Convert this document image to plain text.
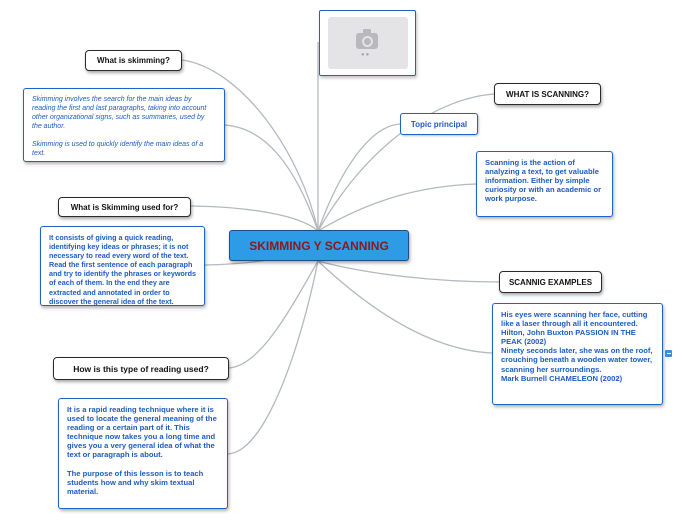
●●
What is skimming?
Skimming involves the search for the main ideas by reading the first and last paragraphs, taking into account other organizational signs, such as summaries, used by the author.

Skimming is used to quickly identify the main ideas of a text.
What is Skimming used for?
It consists of giving a quick reading, identifying key ideas or phrases; it is not necessary to read every word of the text. Read the first sentence of each paragraph and try to identify the phrases or keywords of each of them. In the end they are extracted and annotated in order to discover the general idea of the text.
SKIMMING Y SCANNING
How is this type of reading used?
It is a rapid reading technique where it is used to locate the general meaning of the reading or a certain part of it. This technique now takes you a long time and gives you a very general idea of what the text or paragraph is about.

The purpose of this lesson is to teach students how and why skim textual material.
Topic principal
WHAT IS SCANNING?
Scanning is the action of analyzing a text, to get valuable information. Either by simple curiosity or with an academic or work purpose.
SCANNIG EXAMPLES
His eyes were scanning her face, cutting like a laser through all it encountered.
Hilton, John Buxton PASSION IN THE PEAK (2002)
Ninety seconds later, she was on the roof, crouching beneath a wooden water tower, scanning her surroundings.
Mark Burnell CHAMELEON (2002)
